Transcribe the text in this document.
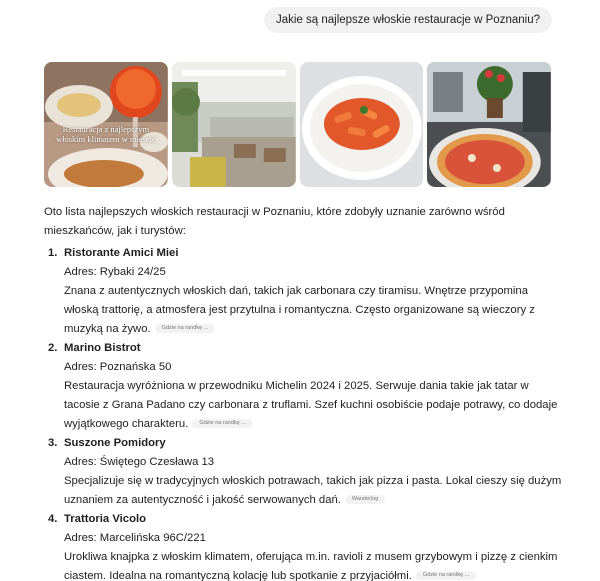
Jakie są najlepsze włoskie restauracje w Poznaniu?
Restauracja z najlepszym włoskim klimatem w mieście

Oto lista najlepszych włoskich restauracji w Poznaniu, które zdobyły uznanie zarówno wśród mieszkańców, jak i turystów:

1. Ristorante Amici Miei
Adres: Rybaki 24/25
Znana z autentycznych włoskich dań, takich jak carbonara czy tiramisu. Wnętrze przypomina włoską trattorię, a atmosfera jest przytulna i romantyczna. Często organizowane są wieczory z muzyką na żywo. Gdzie na randkę ...
2. Marino Bistrot
Adres: Poznańska 50
Restauracja wyróżniona w przewodniku Michelin 2024 i 2025. Serwuje dania takie jak tatar w tacosie z Grana Padano czy carbonara z truflami. Szef kuchni osobiście podaje potrawy, co dodaje wyjątkowego charakteru. Gdzie na randkę ...
3. Suszone Pomidory
Adres: Świętego Czesława 13
Specjalizuje się w tradycyjnych włoskich potrawach, takich jak pizza i pasta. Lokal cieszy się dużym uznaniem za autentyczność i jakość serwowanych dań. Wanderlog
4. Trattoria Vicolo
Adres: Marcelińska 96C/221
Urokliwa knajpka z włoskim klimatem, oferująca m.in. ravioli z musem grzybowym i pizzę z cienkim ciastem. Idealna na romantyczną kolację lub spotkanie z przyjaciółmi. Gdzie na randkę ...
